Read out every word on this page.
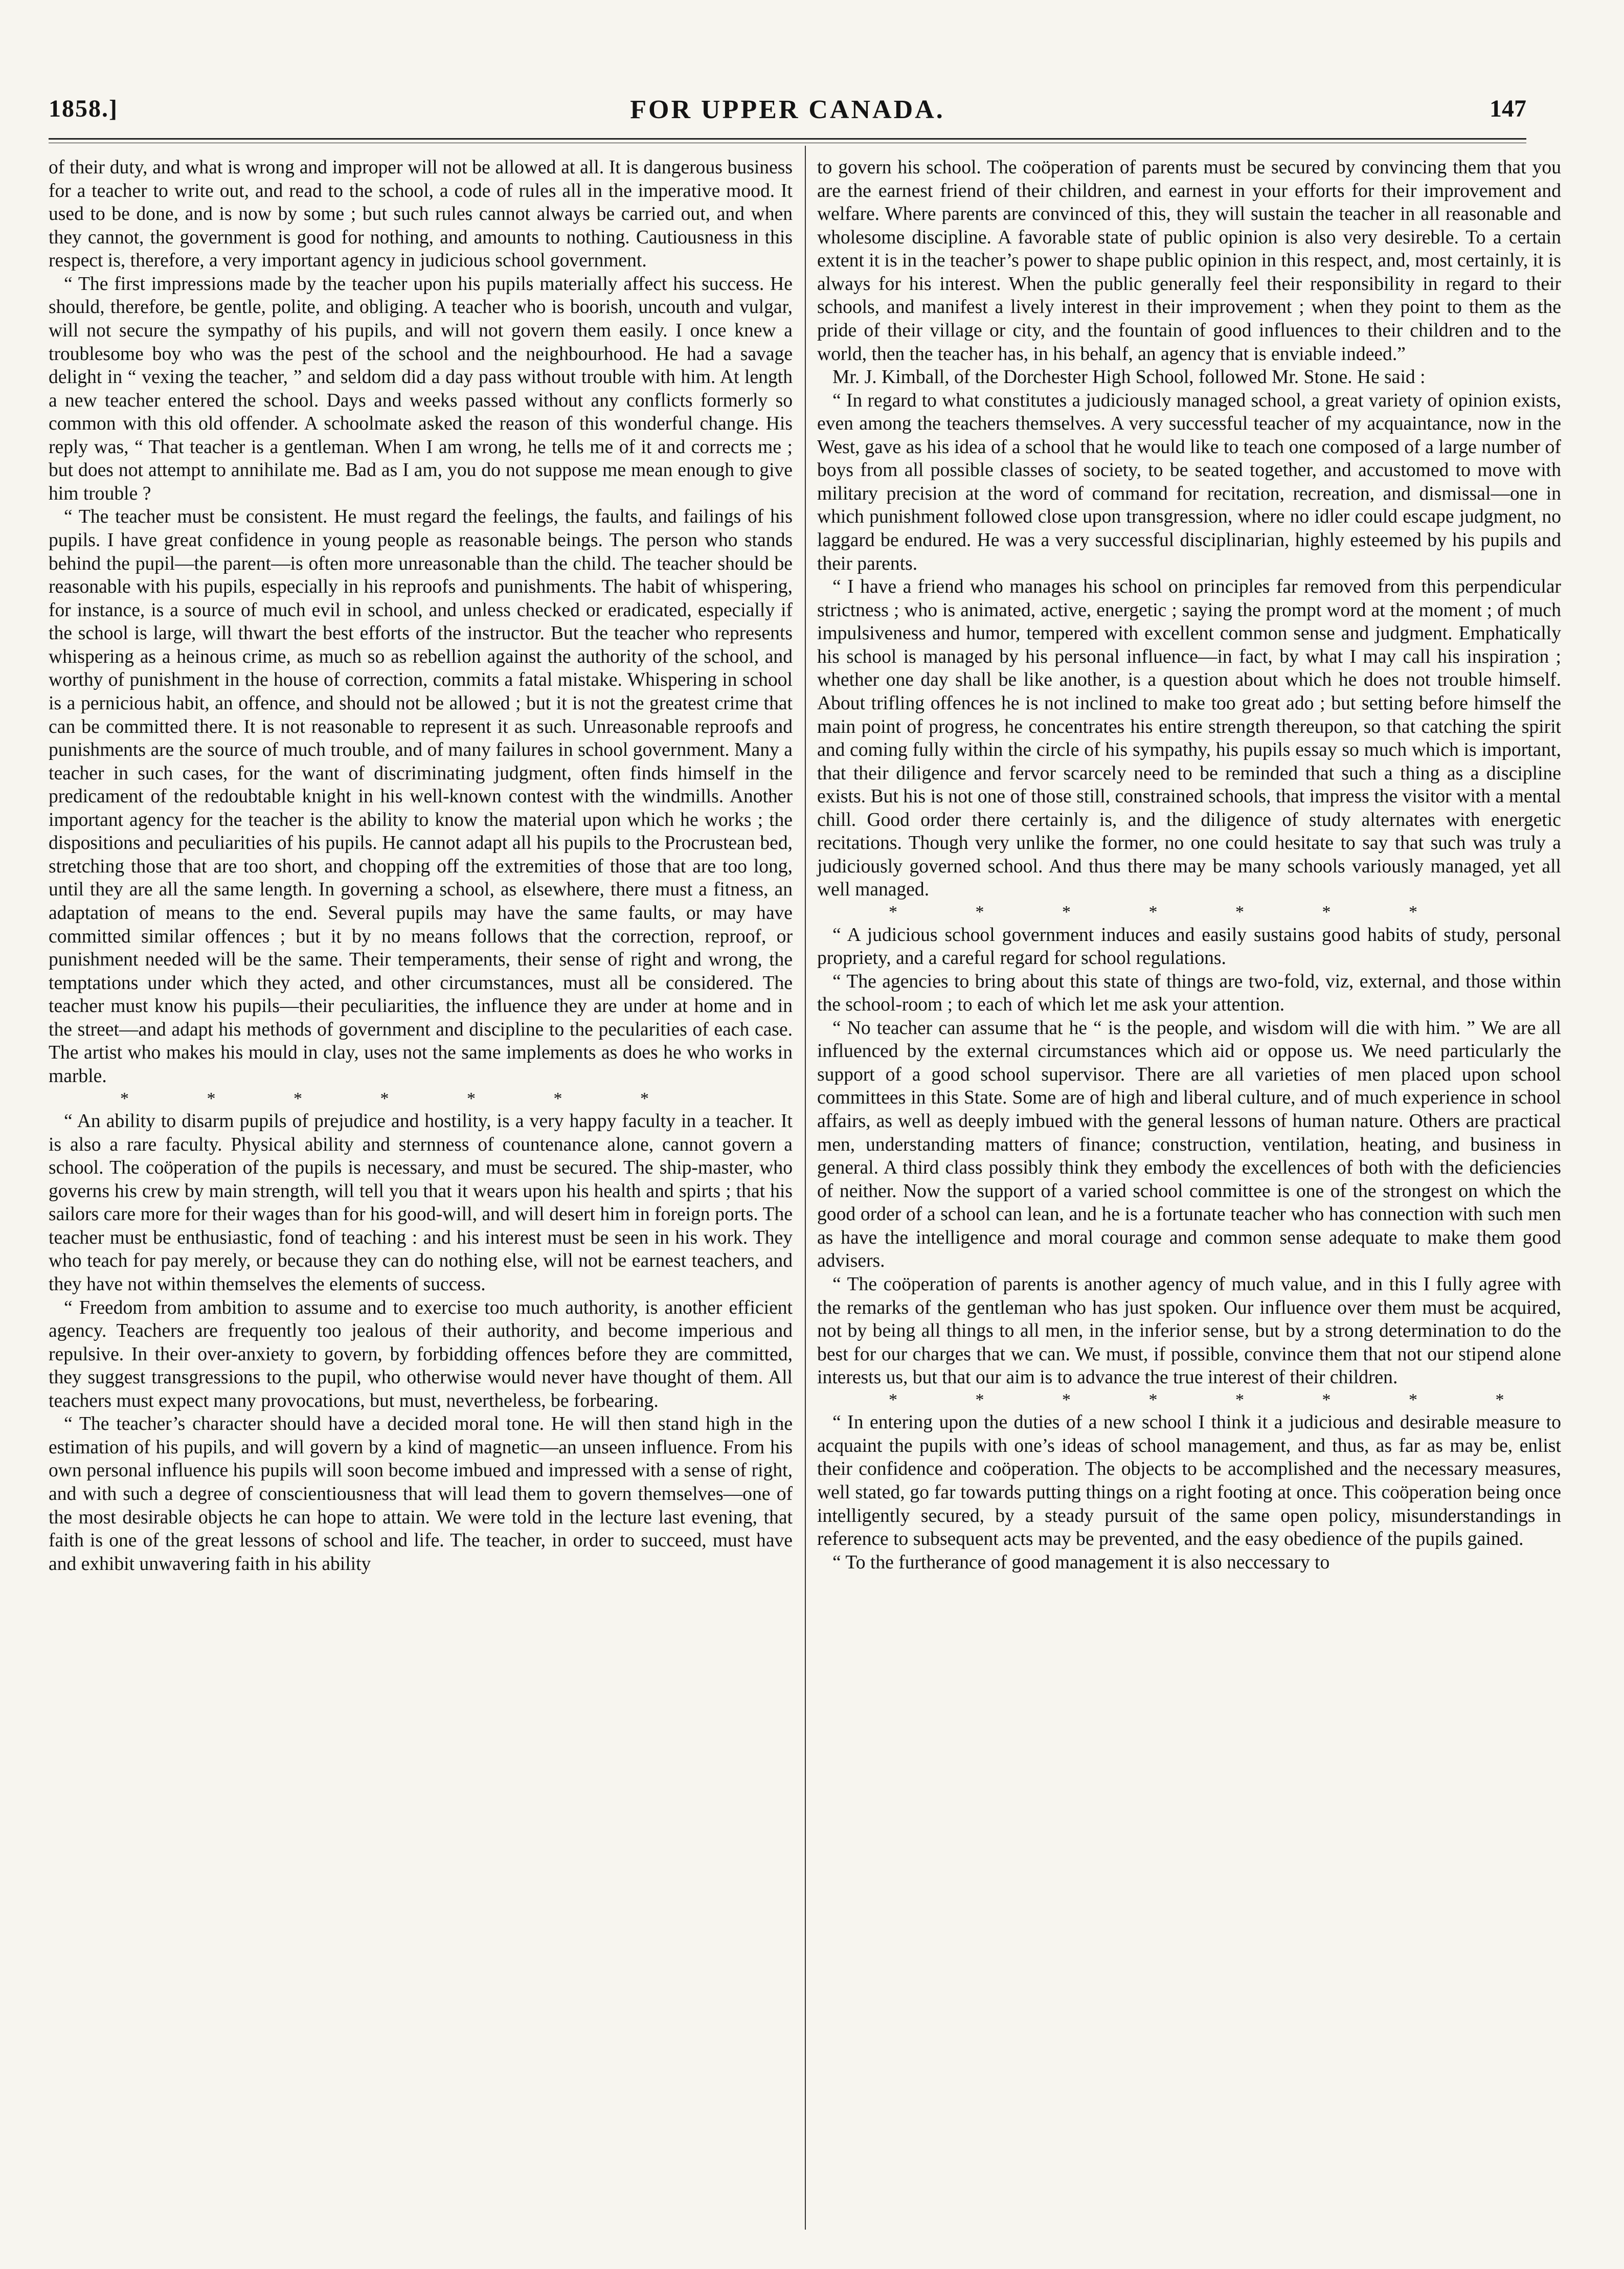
1858.]	FOR UPPER CANADA.	147

of their duty, and what is wrong and improper will not be allowed at all. It is dangerous business for a teacher to write out, and read to the school, a code of rules all in the imperative mood. It used to be done, and is now by some ; but such rules cannot always be carried out, and when they cannot, the government is good for nothing, and amounts to nothing. Cautiousness in this respect is, therefore, a very important agency in judicious school government.

“ The first impressions made by the teacher upon his pupils materially affect his success. He should, therefore, be gentle, polite, and obliging. A teacher who is boorish, uncouth and vulgar, will not secure the sympathy of his pupils, and will not govern them easily. I once knew a troublesome boy who was the pest of the school and the neighbourhood. He had a savage delight in “ vexing the teacher, ” and seldom did a day pass without trouble with him. At length a new teacher entered the school. Days and weeks passed without any conflicts formerly so common with this old offender. A schoolmate asked the reason of this wonderful change. His reply was, “ That teacher is a gentleman. When I am wrong, he tells me of it and corrects me ; but does not attempt to annihilate me. Bad as I am, you do not suppose me mean enough to give him trouble ?

“ The teacher must be consistent. He must regard the feelings, the faults, and failings of his pupils. I have great confidence in young people as reasonable beings. The person who stands behind the pupil—the parent—is often more unreasonable than the child. The teacher should be reasonable with his pupils, especially in his reproofs and punishments. The habit of whispering, for instance, is a source of much evil in school, and unless checked or eradicated, especially if the school is large, will thwart the best efforts of the instructor. But the teacher who represents whispering as a heinous crime, as much so as rebellion against the authority of the school, and worthy of punishment in the house of correction, commits a fatal mistake. Whispering in school is a pernicious habit, an offence, and should not be allowed ; but it is not the greatest crime that can be committed there. It is not reasonable to represent it as such. Unreasonable reproofs and punishments are the source of much trouble, and of many failures in school government. Many a teacher in such cases, for the want of discriminating judgment, often finds himself in the predicament of the redoubtable knight in his well-known contest with the windmills. Another important agency for the teacher is the ability to know the material upon which he works ; the dispositions and peculiarities of his pupils. He cannot adapt all his pupils to the Procrustean bed, stretching those that are too short, and chopping off the extremities of those that are too long, until they are all the same length. In governing a school, as elsewhere, there must a fitness, an adaptation of means to the end. Several pupils may have the same faults, or may have committed similar offences ; but it by no means follows that the correction, reproof, or punishment needed will be the same. Their temperaments, their sense of right and wrong, the temptations under which they acted, and other circumstances, must all be considered. The teacher must know his pupils—their peculiarities, the influence they are under at home and in the street—and adapt his methods of government and discipline to the pecularities of each case. The artist who makes his mould in clay, uses not the same implements as does he who works in marble.

* * * * * * *

“ An ability to disarm pupils of prejudice and hostility, is a very happy faculty in a teacher. It is also a rare faculty. Physical ability and sternness of countenance alone, cannot govern a school. The coöperation of the pupils is necessary, and must be secured. The ship-master, who governs his crew by main strength, will tell you that it wears upon his health and spirts ; that his sailors care more for their wages than for his good-will, and will desert him in foreign ports. The teacher must be enthusiastic, fond of teaching : and his interest must be seen in his work. They who teach for pay merely, or because they can do nothing else, will not be earnest teachers, and they have not within themselves the elements of success.

“ Freedom from ambition to assume and to exercise too much authority, is another efficient agency. Teachers are frequently too jealous of their authority, and become imperious and repulsive. In their over-anxiety to govern, by forbidding offences before they are committed, they suggest transgressions to the pupil, who otherwise would never have thought of them. All teachers must expect many provocations, but must, nevertheless, be forbearing.

“ The teacher’s character should have a decided moral tone. He will then stand high in the estimation of his pupils, and will govern by a kind of magnetic—an unseen influence. From his own personal influence his pupils will soon become imbued and impressed with a sense of right, and with such a degree of conscientiousness that will lead them to govern themselves—one of the most desirable objects he can hope to attain. We were told in the lecture last evening, that faith is one of the great lessons of school and life. The teacher, in order to succeed, must have and exhibit unwavering faith in his ability

to govern his school. The coöperation of parents must be secured by convincing them that you are the earnest friend of their children, and earnest in your efforts for their improvement and welfare. Where parents are convinced of this, they will sustain the teacher in all reasonable and wholesome discipline. A favorable state of public opinion is also very desireble. To a certain extent it is in the teacher’s power to shape public opinion in this respect, and, most certainly, it is always for his interest. When the public generally feel their responsibility in regard to their schools, and manifest a lively interest in their improvement ; when they point to them as the pride of their village or city, and the fountain of good influences to their children and to the world, then the teacher has, in his behalf, an agency that is enviable indeed.”

Mr. J. Kimball, of the Dorchester High School, followed Mr. Stone. He said :

“ In regard to what constitutes a judiciously managed school, a great variety of opinion exists, even among the teachers themselves. A very successful teacher of my acquaintance, now in the West, gave as his idea of a school that he would like to teach one composed of a large number of boys from all possible classes of society, to be seated together, and accustomed to move with military precision at the word of command for recitation, recreation, and dismissal—one in which punishment followed close upon transgression, where no idler could escape judgment, no laggard be endured. He was a very successful disciplinarian, highly esteemed by his pupils and their parents.

“ I have a friend who manages his school on principles far removed from this perpendicular strictness ; who is animated, active, energetic ; saying the prompt word at the moment ; of much impulsiveness and humor, tempered with excellent common sense and judgment. Emphatically his school is managed by his personal influence—in fact, by what I may call his inspiration ; whether one day shall be like another, is a question about which he does not trouble himself. About trifling offences he is not inclined to make too great ado ; but setting before himself the main point of progress, he concentrates his entire strength thereupon, so that catching the spirit and coming fully within the circle of his sympathy, his pupils essay so much which is important, that their diligence and fervor scarcely need to be reminded that such a thing as a discipline exists. But his is not one of those still, constrained schools, that impress the visitor with a mental chill. Good order there certainly is, and the diligence of study alternates with energetic recitations. Though very unlike the former, no one could hesitate to say that such was truly a judiciously governed school. And thus there may be many schools variously managed, yet all well managed.

* * * * * * *

“ A judicious school government induces and easily sustains good habits of study, personal propriety, and a careful regard for school regulations.

“ The agencies to bring about this state of things are two-fold, viz, external, and those within the school-room ; to each of which let me ask your attention.

“ No teacher can assume that he “ is the people, and wisdom will die with him. ” We are all influenced by the external circumstances which aid or oppose us. We need particularly the support of a good school supervisor. There are all varieties of men placed upon school committees in this State. Some are of high and liberal culture, and of much experience in school affairs, as well as deeply imbued with the general lessons of human nature. Others are practical men, understanding matters of finance; construction, ventilation, heating, and business in general. A third class possibly think they embody the excellences of both with the deficiencies of neither. Now the support of a varied school committee is one of the strongest on which the good order of a school can lean, and he is a fortunate teacher who has connection with such men as have the intelligence and moral courage and common sense adequate to make them good advisers.

“ The coöperation of parents is another agency of much value, and in this I fully agree with the remarks of the gentleman who has just spoken. Our influence over them must be acquired, not by being all things to all men, in the inferior sense, but by a strong determination to do the best for our charges that we can. We must, if possible, convince them that not our stipend alone interests us, but that our aim is to advance the true interest of their children.

* * * * * * * *

“ In entering upon the duties of a new school I think it a judicious and desirable measure to acquaint the pupils with one’s ideas of school management, and thus, as far as may be, enlist their confidence and coöperation. The objects to be accomplished and the necessary measures, well stated, go far towards putting things on a right footing at once. This coöperation being once intelligently secured, by a steady pursuit of the same open policy, misunderstandings in reference to subsequent acts may be prevented, and the easy obedience of the pupils gained.

“ To the furtherance of good management it is also neccessary to
